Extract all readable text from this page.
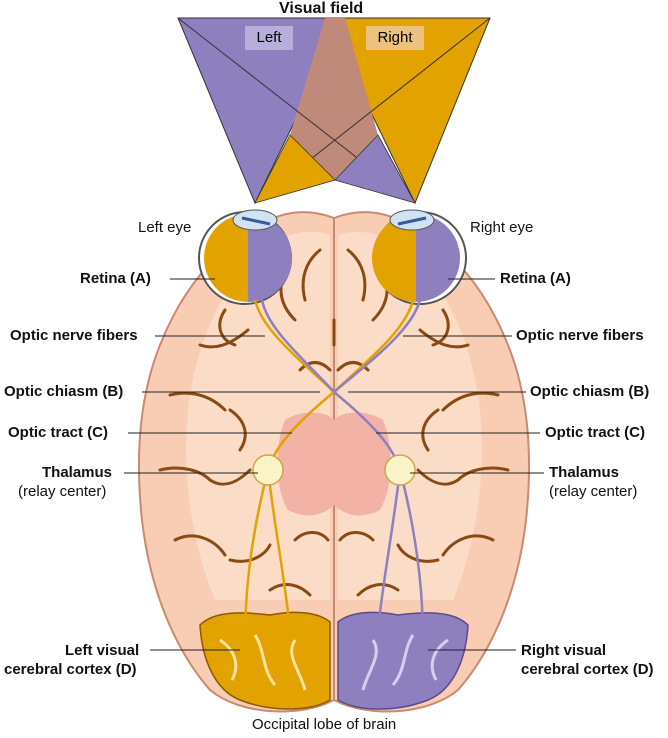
Visual field
Left	Right
Left eye	Right eye
Retina (A)
Optic nerve fibers
Optic chiasm (B)
Optic tract (C)
Thalamus
(relay center)
Left visual
cerebral cortex (D)
Retina (A)
Optic nerve fibers
Optic chiasm (B)
Optic tract (C)
Thalamus
(relay center)
Right visual
cerebral cortex (D)
Occipital lobe of brain
